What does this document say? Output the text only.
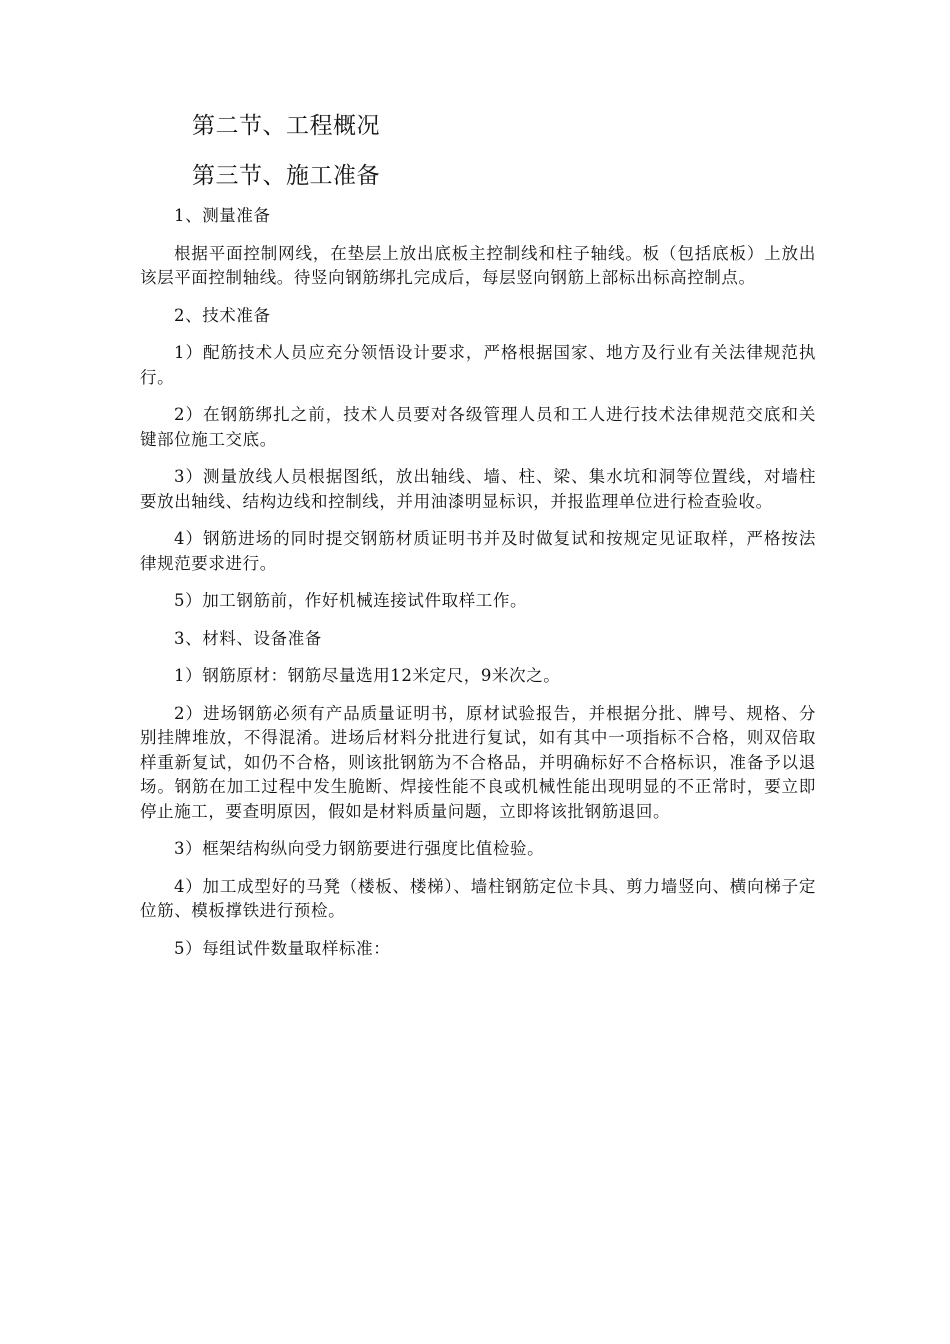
第二节、工程概况
第三节、施工准备

1、测量准备

根据平面控制网线，在垫层上放出底板主控制线和柱子轴线。板（包括底板）上放出该层平面控制轴线。待竖向钢筋绑扎完成后，每层竖向钢筋上部标出标高控制点。

2、技术准备

1）配筋技术人员应充分领悟设计要求，严格根据国家、地方及行业有关法律规范执行。

2）在钢筋绑扎之前，技术人员要对各级管理人员和工人进行技术法律规范交底和关键部位施工交底。

3）测量放线人员根据图纸，放出轴线、墙、柱、梁、集水坑和洞等位置线，对墙柱要放出轴线、结构边线和控制线，并用油漆明显标识，并报监理单位进行检查验收。

4）钢筋进场的同时提交钢筋材质证明书并及时做复试和按规定见证取样，严格按法律规范要求进行。

5）加工钢筋前，作好机械连接试件取样工作。

3、材料、设备准备

1）钢筋原材：钢筋尽量选用12米定尺，9米次之。

2）进场钢筋必须有产品质量证明书，原材试验报告，并根据分批、牌号、规格、分别挂牌堆放，不得混淆。进场后材料分批进行复试，如有其中一项指标不合格，则双倍取样重新复试，如仍不合格，则该批钢筋为不合格品，并明确标好不合格标识，准备予以退场。钢筋在加工过程中发生脆断、焊接性能不良或机械性能出现明显的不正常时，要立即停止施工，要查明原因，假如是材料质量问题，立即将该批钢筋退回。

3）框架结构纵向受力钢筋要进行强度比值检验。

4）加工成型好的马凳（楼板、楼梯）、墙柱钢筋定位卡具、剪力墙竖向、横向梯子定位筋、模板撑铁进行预检。

5）每组试件数量取样标准：
